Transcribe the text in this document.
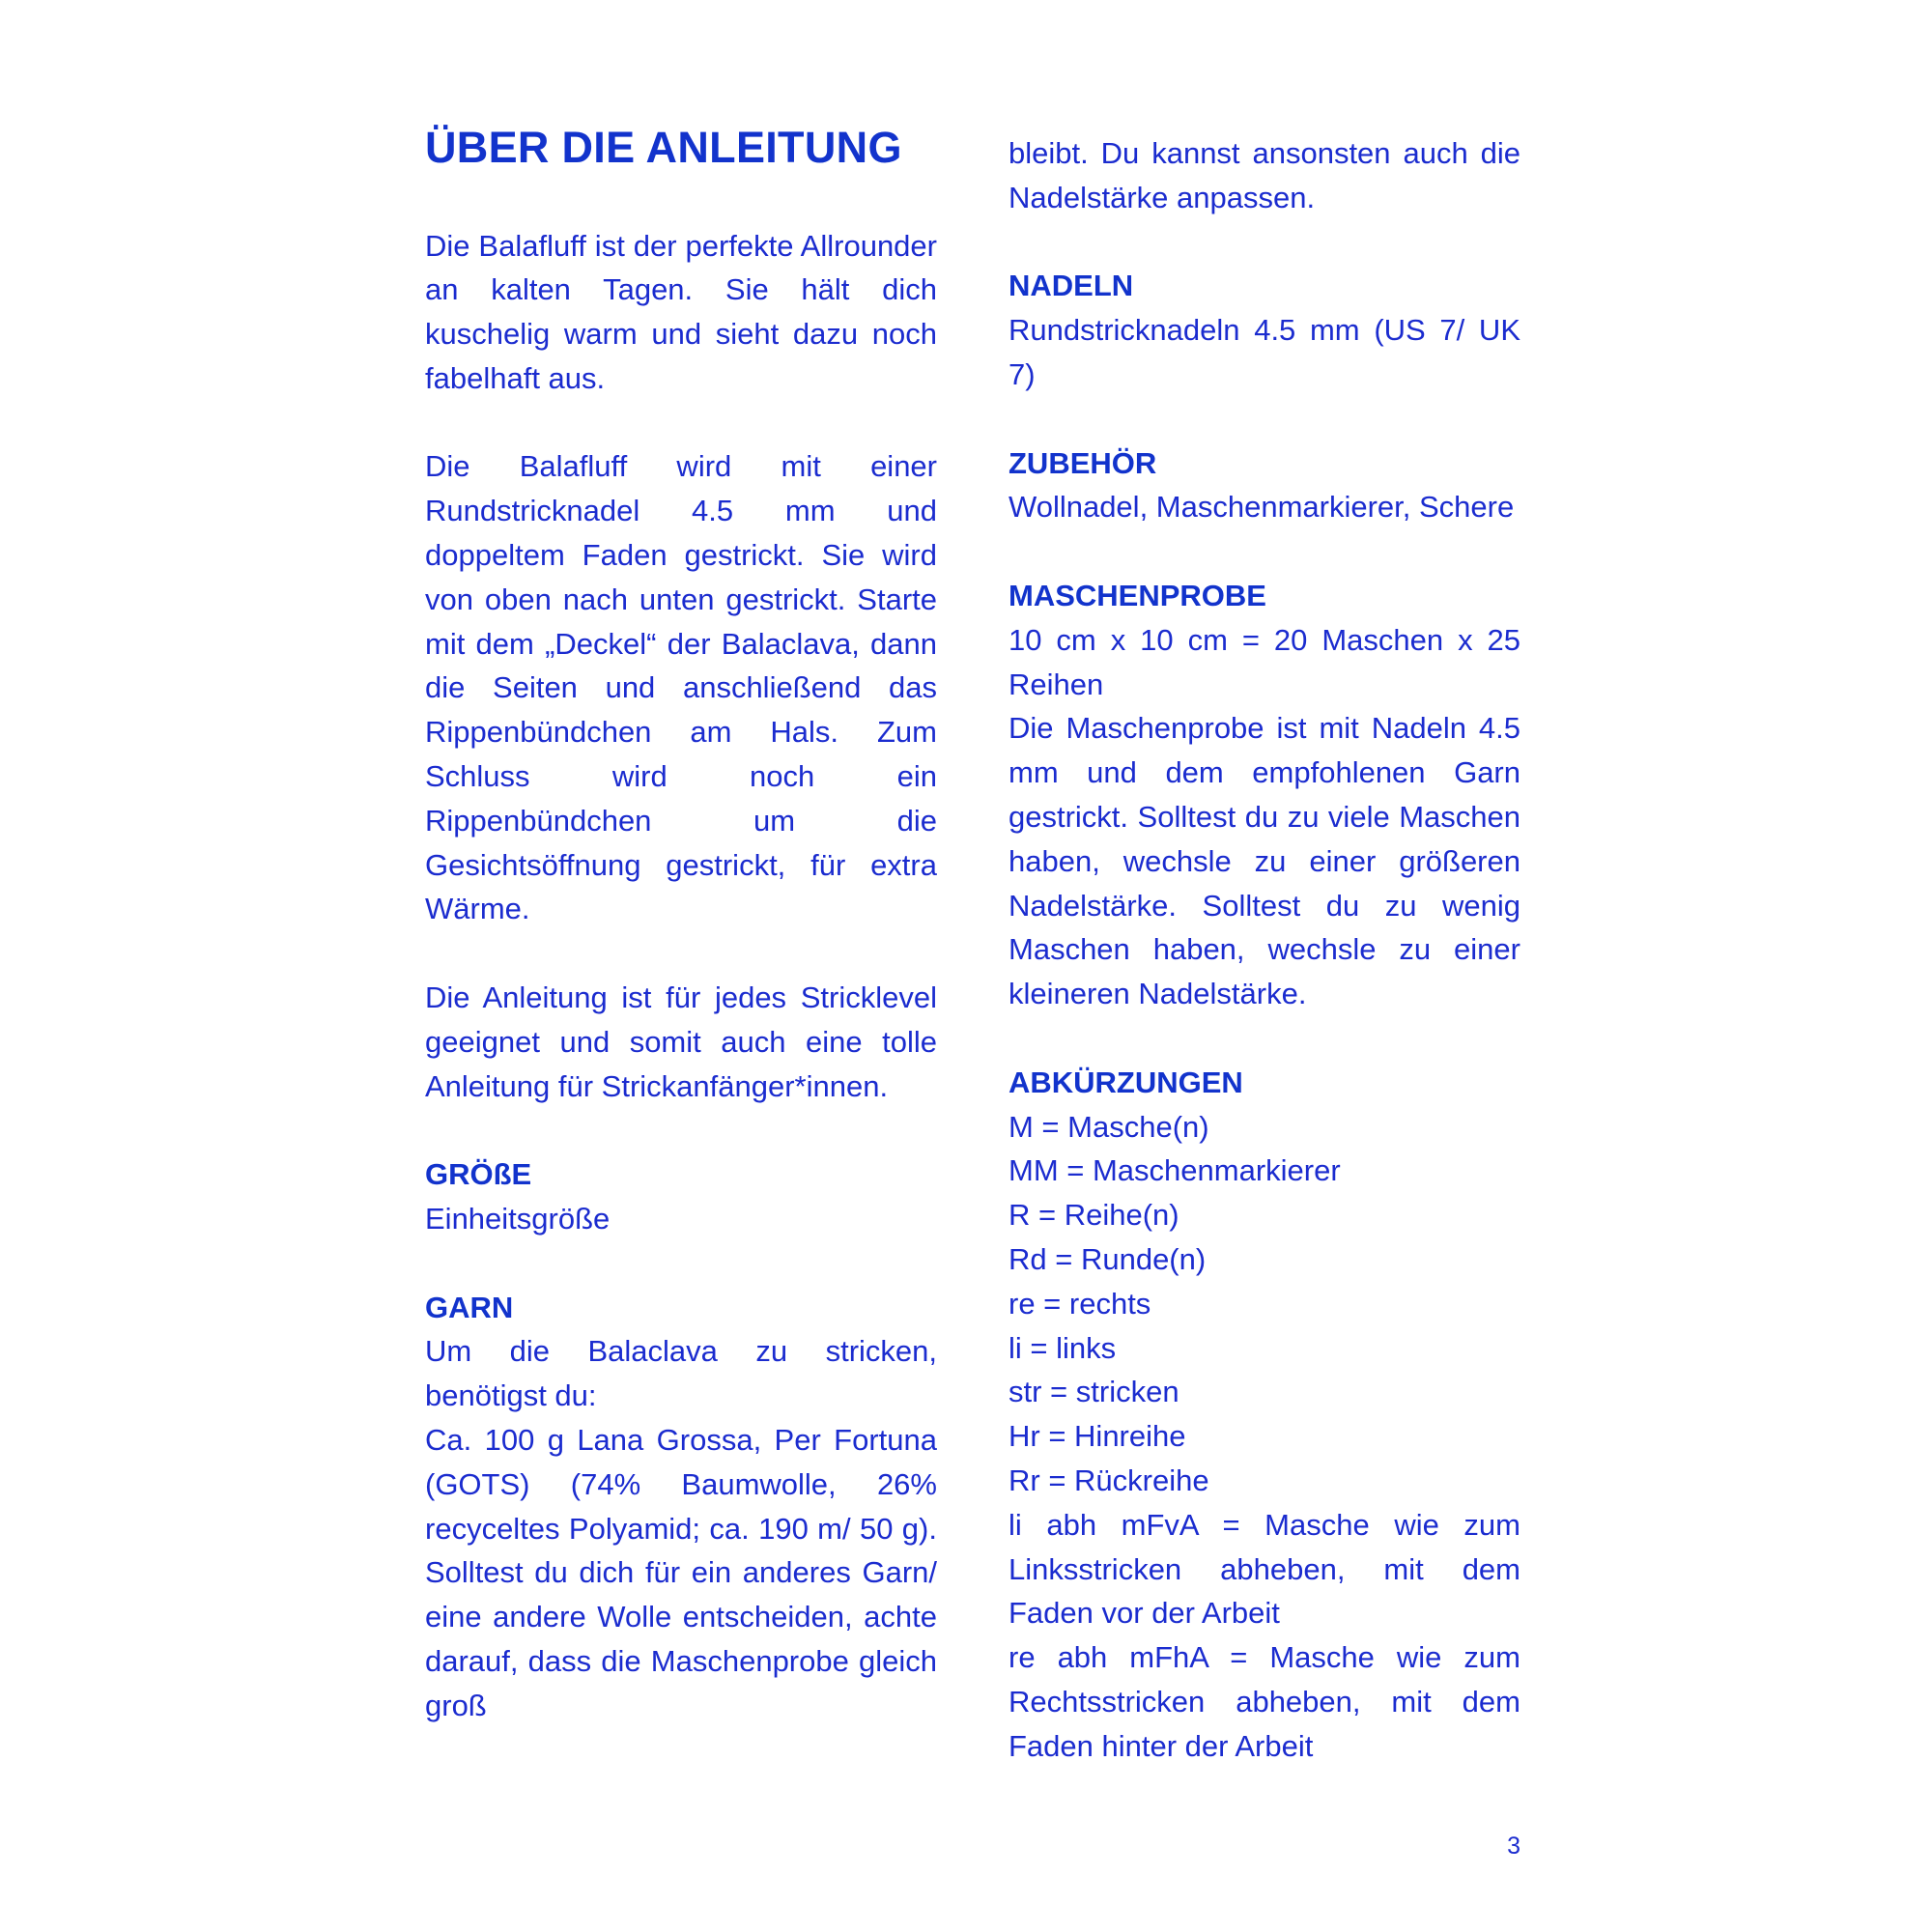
ÜBER DIE ANLEITUNG

Die Balafluff ist der perfekte Allrounder an kalten Tagen. Sie hält dich kuschelig warm und sieht dazu noch fabelhaft aus.

Die Balafluff wird mit einer Rundstricknadel 4.5 mm und doppeltem Faden gestrickt. Sie wird von oben nach unten gestrickt. Starte mit dem „Deckel“ der Balaclava, dann die Seiten und anschließend das Rippenbündchen am Hals. Zum Schluss wird noch ein Rippenbündchen um die Gesichtsöffnung gestrickt, für extra Wärme.

Die Anleitung ist für jedes Stricklevel geeignet und somit auch eine tolle Anleitung für Strickanfänger*innen.

GRÖßE

Einheitsgröße

GARN

Um die Balaclava zu stricken, benötigst du:

Ca. 100 g Lana Grossa, Per Fortuna (GOTS) (74% Baumwolle, 26% recyceltes Polyamid; ca. 190 m/ 50 g). Solltest du dich für ein anderes Garn/ eine andere Wolle entscheiden, achte darauf, dass die Maschenprobe gleich groß

bleibt. Du kannst ansonsten auch die Nadelstärke anpassen.

NADELN

Rundstricknadeln 4.5 mm (US 7/ UK 7)

ZUBEHÖR

Wollnadel, Maschenmarkierer, Schere

MASCHENPROBE

10 cm x 10 cm = 20 Maschen x 25 Reihen

Die Maschenprobe ist mit Nadeln 4.5 mm und dem empfohlenen Garn gestrickt. Solltest du zu viele Maschen haben, wechsle zu einer größeren Nadelstärke. Solltest du zu wenig Maschen haben, wechsle zu einer kleineren Nadelstärke.

ABKÜRZUNGEN

M = Masche(n)

MM = Maschenmarkierer

R = Reihe(n)

Rd = Runde(n)

re = rechts

li = links

str = stricken

Hr = Hinreihe

Rr = Rückreihe

li abh mFvA = Masche wie zum Linksstricken abheben, mit dem Faden vor der Arbeit

re abh mFhA = Masche wie zum Rechtsstricken abheben, mit dem Faden hinter der Arbeit

3
